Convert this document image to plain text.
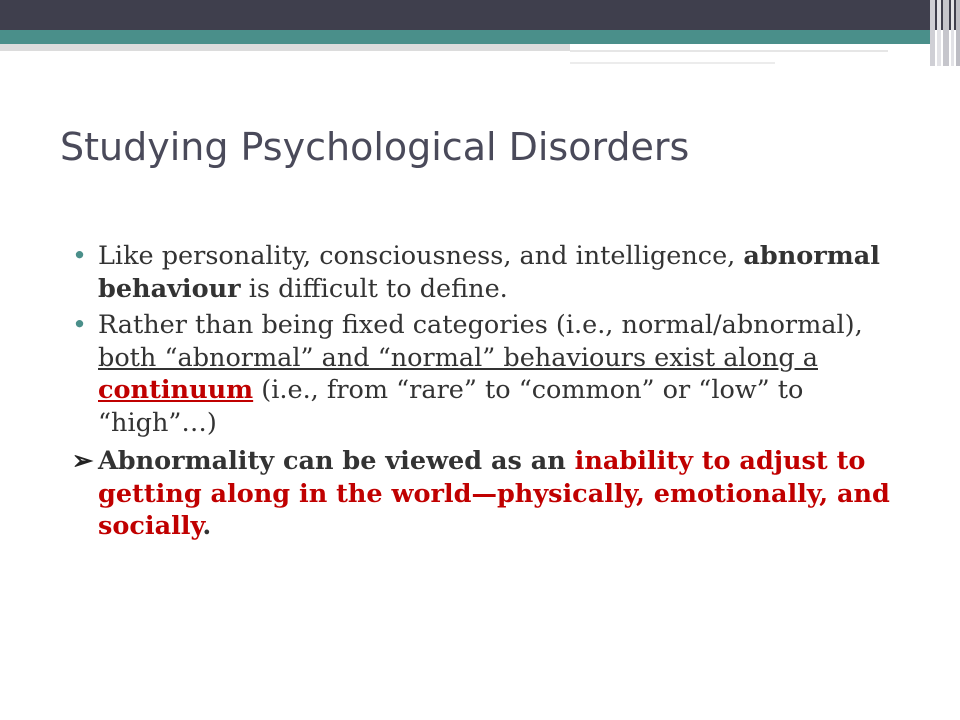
Studying Psychological Disorders
• Like personality, consciousness, and intelligence, abnormal behaviour is difficult to define.
• Rather than being fixed categories (i.e., normal/abnormal), both “abnormal” and “normal” behaviours exist along a continuum (i.e., from “rare” to “common” or “low” to “high”…)
➢ Abnormality can be viewed as an inability to adjust to getting along in the world—physically, emotionally, and socially.
